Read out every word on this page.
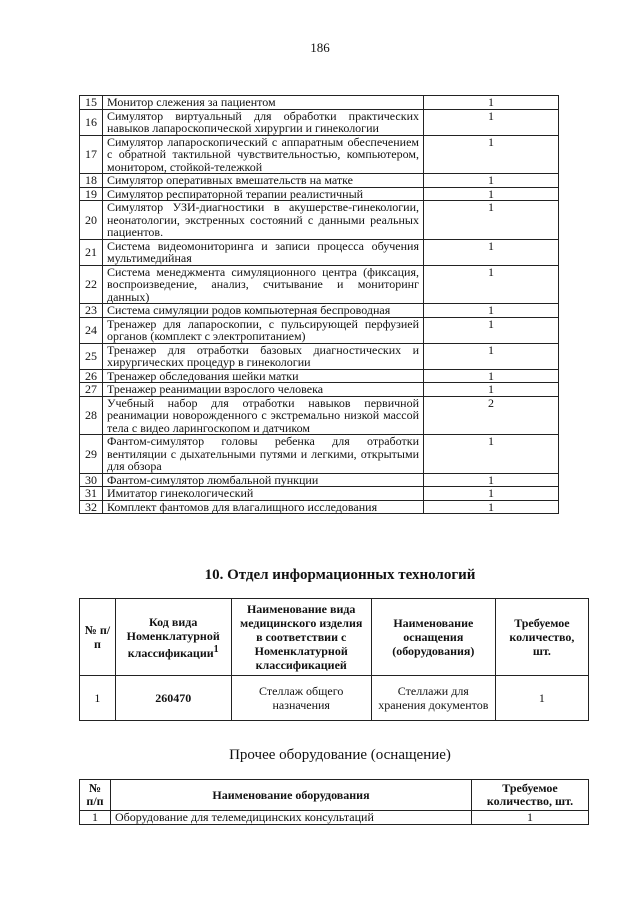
186
15	Монитор слежения за пациентом	1
16	Симулятор виртуальный для обработки практических навыков лапароскопической хирургии и гинекологии	1
17	Симулятор лапароскопический с аппаратным обеспечением с обратной тактильной чувствительностью, компьютером, монитором, стойкой-тележкой	1
18	Симулятор оперативных вмешательств на матке	1
19	Симулятор респираторной терапии реалистичный	1
20	Симулятор УЗИ-диагностики в акушерстве-гинекологии, неонатологии, экстренных состояний с данными реальных пациентов.	1
21	Система видеомониторинга и записи процесса обучения мультимедийная	1
22	Система менеджмента симуляционного центра (фиксация, воспроизведение, анализ, считывание и мониторинг данных)	1
23	Система симуляции родов компьютерная беспроводная	1
24	Тренажер для лапароскопии, с пульсирующей перфузией органов (комплект с электропитанием)	1
25	Тренажер для отработки базовых диагностических и хирургических процедур в гинекологии	1
26	Тренажер обследования шейки матки	1
27	Тренажер реанимации взрослого человека	1
28	Учебный набор для отработки навыков первичной реанимации новорожденного с экстремально низкой массой тела с видео ларингоскопом и датчиком	2
29	Фантом-симулятор головы ребенка для отработки вентиляции с дыхательными путями и легкими, открытыми для обзора	1
30	Фантом-симулятор люмбальной пункции	1
31	Имитатор гинекологический	1
32	Комплект фантомов для влагалищного исследования	1
10. Отдел информационных технологий
№ п/п	Код вида Номенклатурной классификации$^1$	Наименование вида медицинского изделия в соответствии с Номенклатурной классификацией	Наименование оснащения (оборудования)	Требуемое количество, шт.
1	260470	Стеллаж общего назначения	Стеллажи для хранения документов	1
Прочее оборудование (оснащение)
№ п/п	Наименование оборудования	Требуемое количество, шт.
1	Оборудование для телемедицинских консультаций	1
